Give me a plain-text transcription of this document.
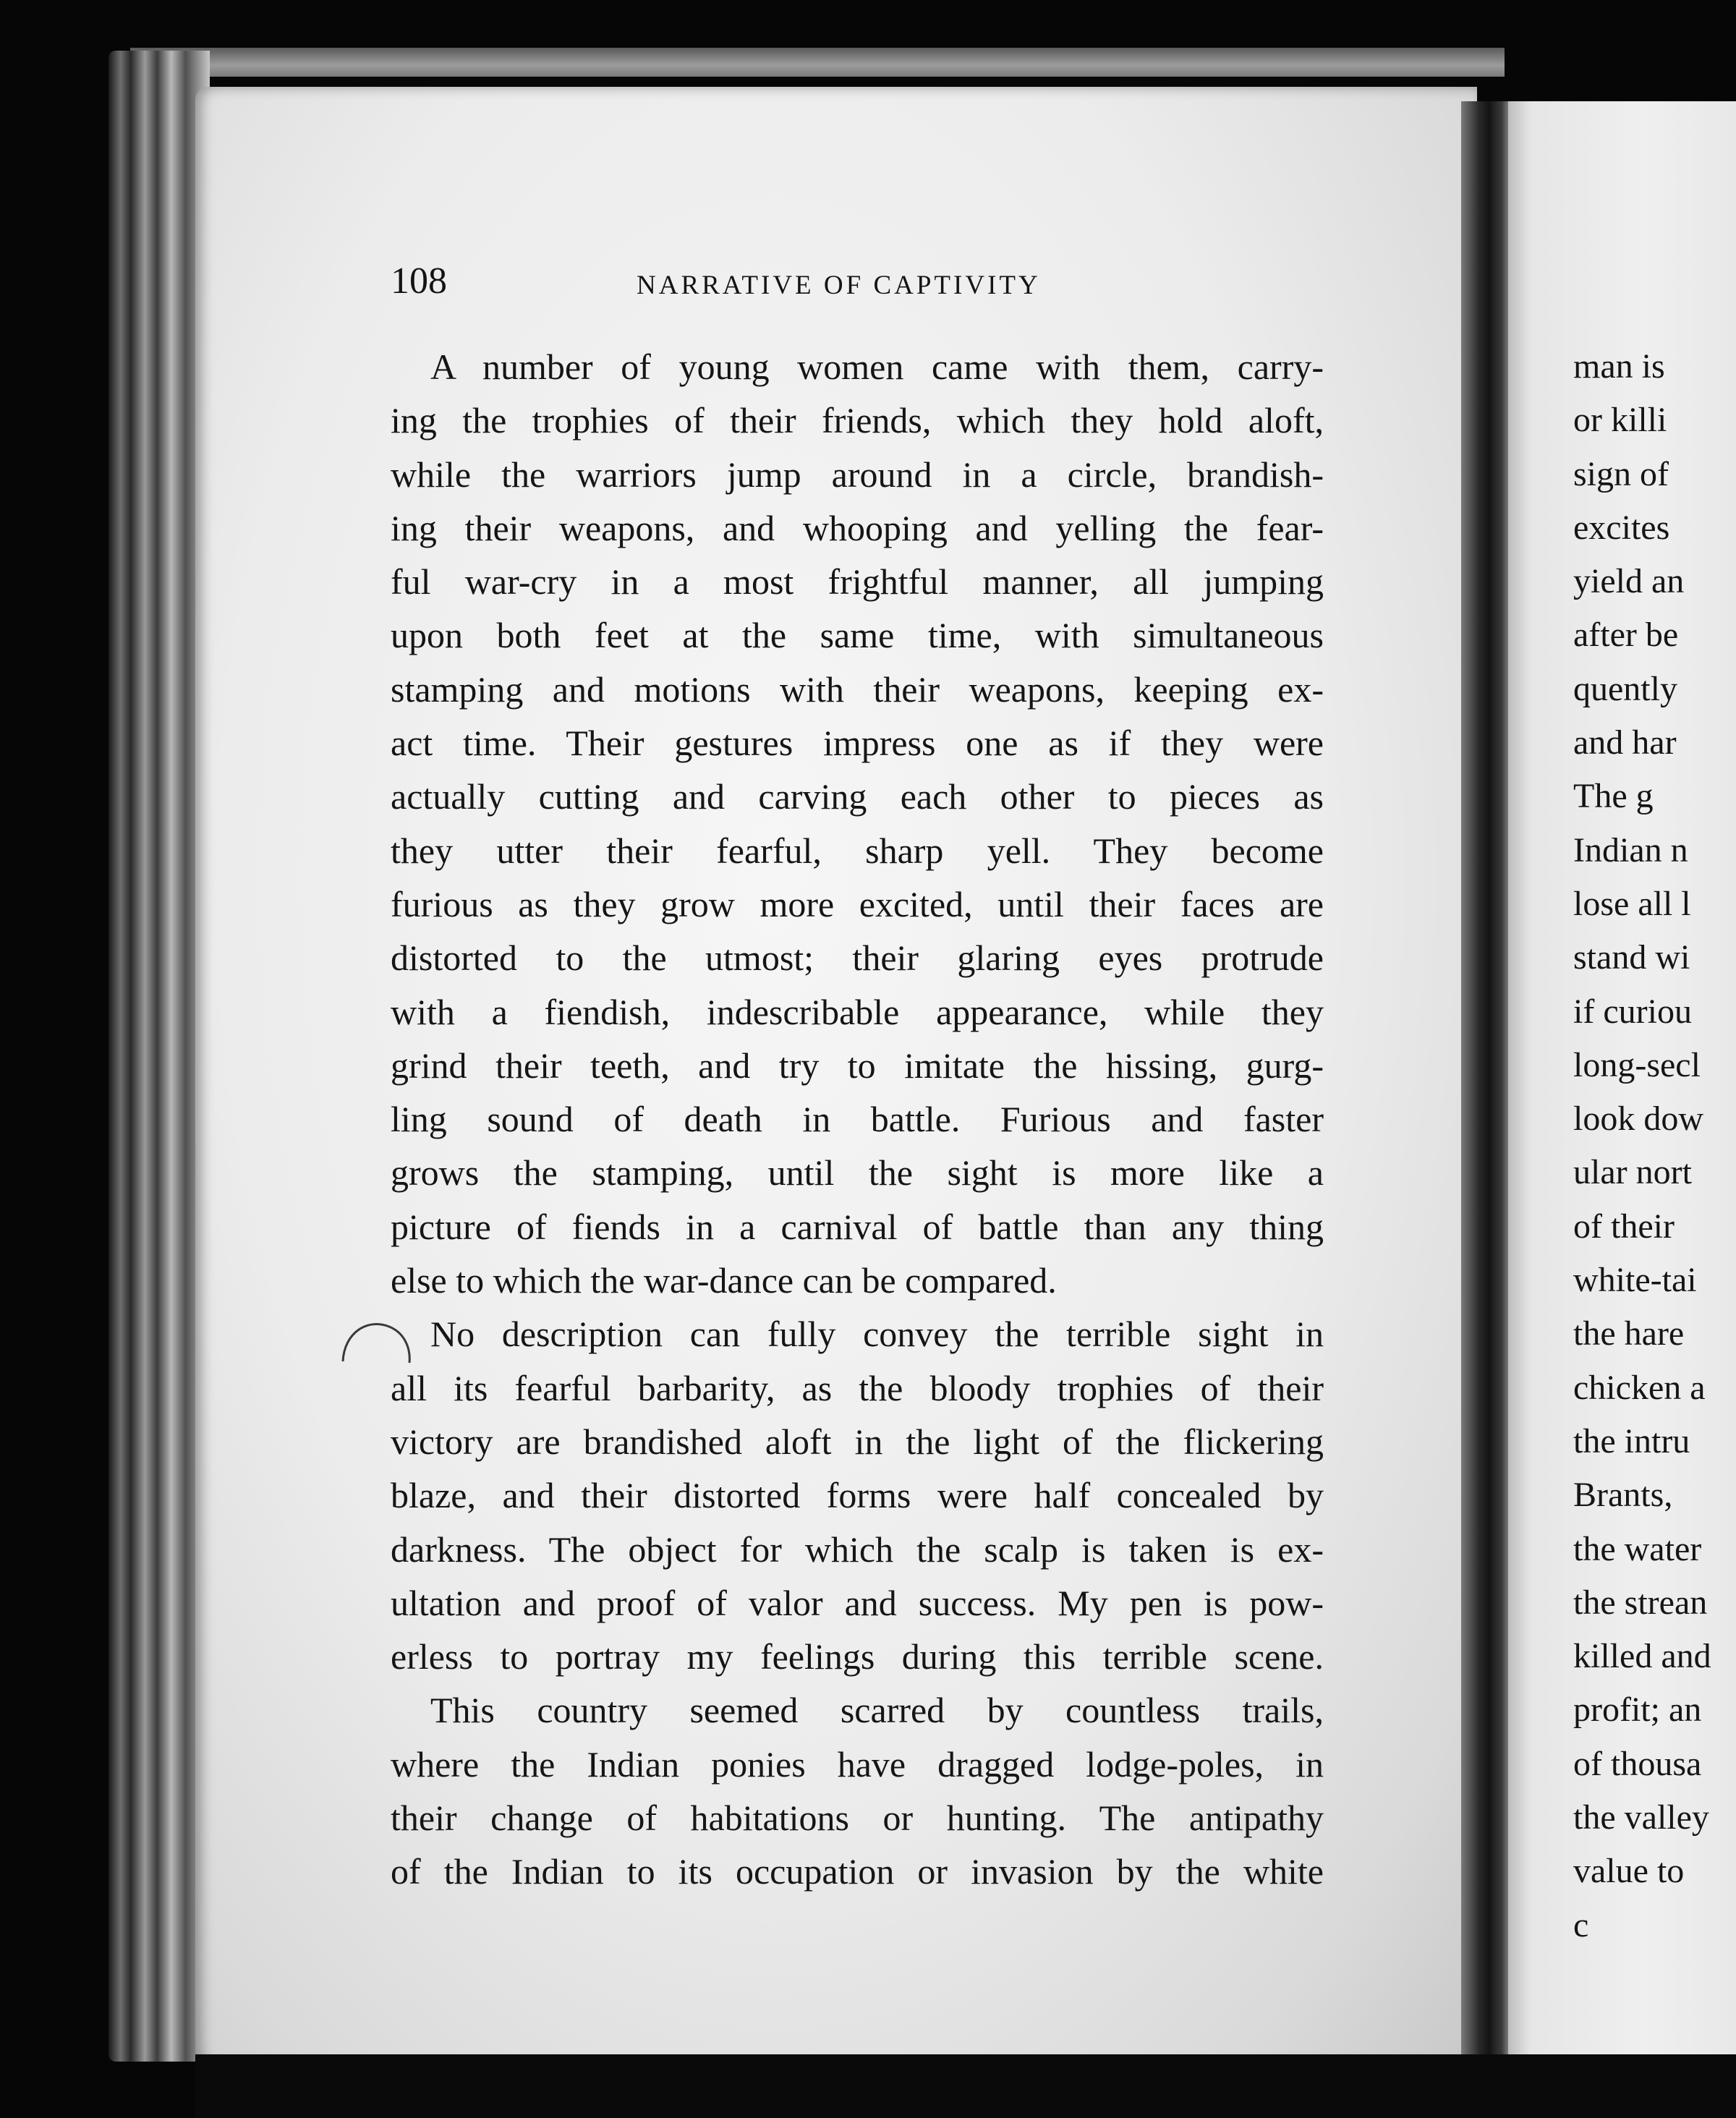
108	NARRATIVE OF CAPTIVITY
A number of young women came with them, carry-
ing the trophies of their friends, which they hold aloft,
while the warriors jump around in a circle, brandish-
ing their weapons, and whooping and yelling the fear-
ful war-cry in a most frightful manner, all jumping
upon both feet at the same time, with simultaneous
stamping and motions with their weapons, keeping ex-
act time. Their gestures impress one as if they were
actually cutting and carving each other to pieces as
they utter their fearful, sharp yell. They become
furious as they grow more excited, until their faces are
distorted to the utmost; their glaring eyes protrude
with a fiendish, indescribable appearance, while they
grind their teeth, and try to imitate the hissing, gurg-
ling sound of death in battle. Furious and faster
grows the stamping, until the sight is more like a
picture of fiends in a carnival of battle than any thing
else to which the war-dance can be compared.
No description can fully convey the terrible sight in
all its fearful barbarity, as the bloody trophies of their
victory are brandished aloft in the light of the flickering
blaze, and their distorted forms were half concealed by
darkness. The object for which the scalp is taken is ex-
ultation and proof of valor and success. My pen is pow-
erless to portray my feelings during this terrible scene.
This country seemed scarred by countless trails,
where the Indian ponies have dragged lodge-poles, in
their change of habitations or hunting. The antipathy
of the Indian to its occupation or invasion by the white
man is
or killi
sign of
excites
yield an
after be
quently
and har
The g
Indian n
lose all l
stand wi
if curiou
long-secl
look dow
ular nort
of their
white-tai
the hare
chicken a
the intru
Brants,
the water
the strean
killed and
profit; an
of thousa
the valley
value to
c
